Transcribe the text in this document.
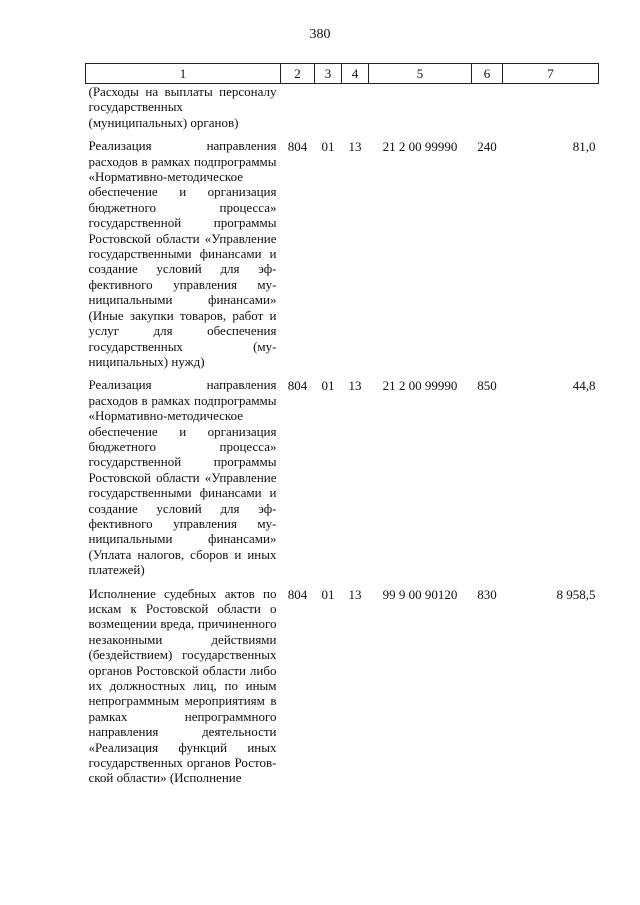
380
1	2	3	4	5	6	7
(Расходы на выплаты персоналу государственных (муниципальных) органов)						
Реализация направления расходов в рамках подпрограммы «Нормативно-методическое обеспечение и организация бюджетного процесса» государственной программы Ростовской области «Управление государственными финансами и создание условий для эффективного управления муниципальными финансами» (Иные закупки товаров, работ и услуг для обеспечения государственных (муниципальных) нужд)	804	01	13	21 2 00 99990	240	81,0
Реализация направления расходов в рамках подпрограммы «Нормативно-методическое обеспечение и организация бюджетного процесса» государственной программы Ростовской области «Управление государственными финансами и создание условий для эффективного управления муниципальными финансами» (Уплата налогов, сборов и иных платежей)	804	01	13	21 2 00 99990	850	44,8
Исполнение судебных актов по искам к Ростовской области о возмещении вреда, причиненного незаконными действиями (бездействием) государственных органов Ростовской области либо их должностных лиц, по иным непрограммным мероприятиям в рамках непрограммного направления деятельности «Реализация функций иных государственных органов Ростовской области» (Исполнение	804	01	13	99 9 00 90120	830	8 958,5
